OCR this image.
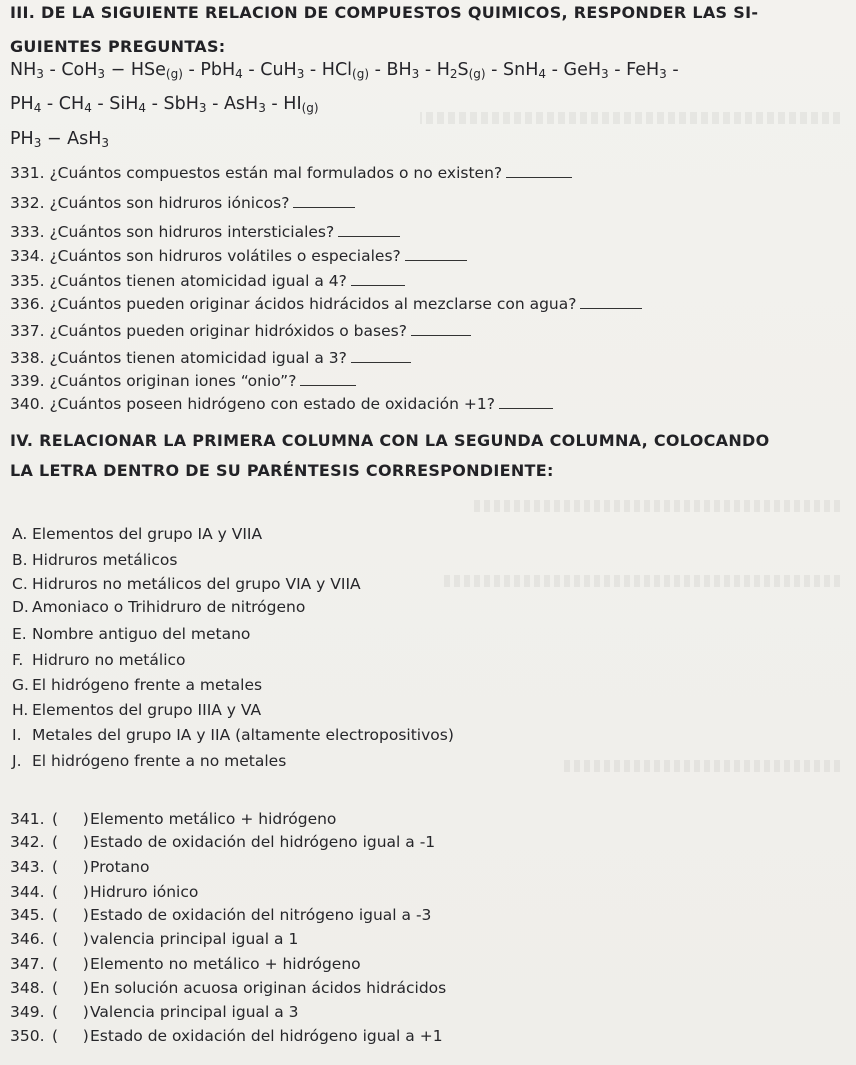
III. DE LA SIGUIENTE RELACION DE COMPUESTOS QUIMICOS, RESPONDER LAS SI-
GUIENTES PREGUNTAS:
$NH_3 - CoH_3 - HSe_{(g)} - PbH_4 - CuH_3 - HCl_{(g)} - BH_3 - H_2S_{(g)} - SnH_4 - GeH_3 - FeH_3$ -
$PH_4 - CH_4 - SiH_4 - SbH_3 - AsH_3 - HI_{(g)}$
$PH_3 - AsH_3$
331. ¿Cuántos compuestos están mal formulados o no existen?
332. ¿Cuántos son hidruros iónicos?
333. ¿Cuántos son hidruros intersticiales?
334. ¿Cuántos son hidruros volátiles o especiales?
335. ¿Cuántos tienen atomicidad igual a 4?
336. ¿Cuántos pueden originar ácidos hidrácidos al mezclarse con agua?
337. ¿Cuántos pueden originar hidróxidos o bases?
338. ¿Cuántos tienen atomicidad igual a 3?
339. ¿Cuántos originan iones “onio”?
340. ¿Cuántos poseen hidrógeno con estado de oxidación +1?
IV. RELACIONAR LA PRIMERA COLUMNA CON LA SEGUNDA COLUMNA, COLOCANDO
LA LETRA DENTRO DE SU PARÉNTESIS CORRESPONDIENTE:
A. Elementos del grupo IA y VIIA
B. Hidruros metálicos
C. Hidruros no metálicos del grupo VIA y VIIA
D. Amoniaco o Trihidruro de nitrógeno
E. Nombre antiguo del metano
F. Hidruro no metálico
G. El hidrógeno frente a metales
H. Elementos del grupo IIIA y VA
I. Metales del grupo IA y IIA (altamente electropositivos)
J. El hidrógeno frente a no metales
341. ( )Elemento metálico + hidrógeno
342. ( )Estado de oxidación del hidrógeno igual a -1
343. ( )Protano
344. ( )Hidruro iónico
345. ( )Estado de oxidación del nitrógeno igual a -3
346. ( )valencia principal igual a 1
347. ( )Elemento no metálico + hidrógeno
348. ( )En solución acuosa originan ácidos hidrácidos
349. ( )Valencia principal igual a 3
350. ( )Estado de oxidación del hidrógeno igual a +1
